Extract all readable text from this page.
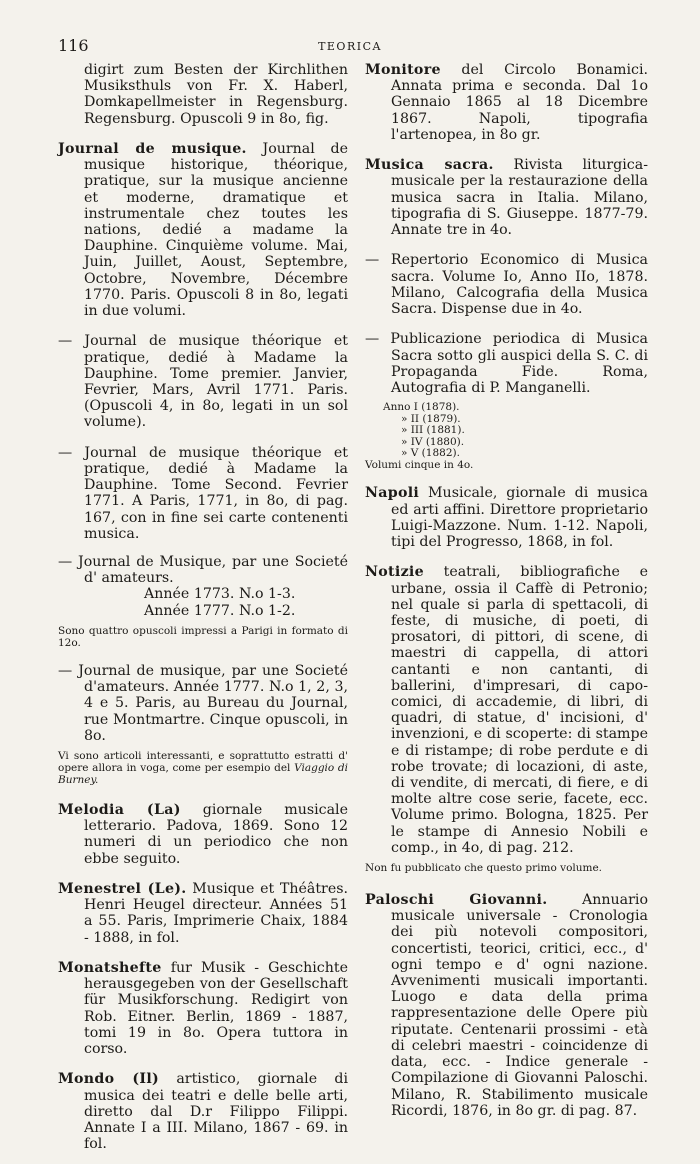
116	TEORICA

digirt zum Besten der Kirchlithen Musiksthuls von Fr. X. Haberl, Domkapellmeister in Regensburg. Regensburg. Opuscoli 9 in 8o, fig.

Journal de musique. Journal de musique historique, théorique, pratique, sur la musique ancienne et moderne, dramatique et instrumentale chez toutes les nations, dedié a madame la Dauphine. Cinquième volume. Mai, Juin, Juillet, Aoust, Septembre, Octobre, Novembre, Décembre 1770. Paris. Opuscoli 8 in 8o, legati in due volumi.

— Journal de musique théorique et pratique, dedié à Madame la Dauphine. Tome premier. Janvier, Fevrier, Mars, Avril 1771. Paris. (Opuscoli 4, in 8o, legati in un sol volume).

— Journal de musique théorique et pratique, dedié à Madame la Dauphine. Tome Second. Fevrier 1771. A Paris, 1771, in 8o, di pag. 167, con in fine sei carte contenenti musica.

— Journal de Musique, par une Societé d' amateurs.
Année 1773. N.o 1-3.
Année 1777. N.o 1-2.

Sono quattro opuscoli impressi a Parigi in formato di 12o.

— Journal de musique, par une Societé d'amateurs. Année 1777. N.o 1, 2, 3, 4 e 5. Paris, au Bureau du Journal, rue Montmartre. Cinque opuscoli, in 8o.

Vi sono articoli interessanti, e soprattutto estratti d' opere allora in voga, come per esempio del Viaggio di Burney.

Melodia (La) giornale musicale letterario. Padova, 1869. Sono 12 numeri di un periodico che non ebbe seguito.

Menestrel (Le). Musique et Théâtres. Henri Heugel directeur. Années 51 a 55. Paris, Imprimerie Chaix, 1884 - 1888, in fol.

Monatshefte fur Musik - Geschichte herausgegeben von der Gesellschaft für Musikforschung. Redigirt von Rob. Eitner. Berlin, 1869 - 1887, tomi 19 in 8o. Opera tuttora in corso.

Mondo (Il) artistico, giornale di musica dei teatri e delle belle arti, diretto dal D.r Filippo Filippi. Annate I a III. Milano, 1867 - 69. in fol.

Monitore del Circolo Bonamici. Annata prima e seconda. Dal 1o Gennaio 1865 al 18 Dicembre 1867. Napoli, tipografia l'artenopea, in 8o gr.

Musica sacra. Rivista liturgica-musicale per la restaurazione della musica sacra in Italia. Milano, tipografia di S. Giuseppe. 1877-79. Annate tre in 4o.

— Repertorio Economico di Musica sacra. Volume Io, Anno IIo, 1878. Milano, Calcografia della Musica Sacra. Dispense due in 4o.

— Publicazione periodica di Musica Sacra sotto gli auspici della S. C. di Propaganda Fide. Roma, Autografia di P. Manganelli.

Anno I (1878).
» II (1879).
» III (1881).
» IV (1880).
» V (1882).
Volumi cinque in 4o.

Napoli Musicale, giornale di musica ed arti affini. Direttore proprietario Luigi-Mazzone. Num. 1-12. Napoli, tipi del Progresso, 1868, in fol.

Notizie teatrali, bibliografiche e urbane, ossia il Caffè di Petronio; nel quale si parla di spettacoli, di feste, di musiche, di poeti, di prosatori, di pittori, di scene, di maestri di cappella, di attori cantanti e non cantanti, di ballerini, d'impresari, di capo-comici, di accademie, di libri, di quadri, di statue, d' incisioni, d' invenzioni, e di scoperte: di stampe e di ristampe; di robe perdute e di robe trovate; di locazioni, di aste, di vendite, di mercati, di fiere, e di molte altre cose serie, facete, ecc. Volume primo. Bologna, 1825. Per le stampe di Annesio Nobili e comp., in 4o, di pag. 212.

Non fu pubblicato che questo primo volume.

Paloschi Giovanni. Annuario musicale universale - Cronologia dei più notevoli compositori, concertisti, teorici, critici, ecc., d' ogni tempo e d' ogni nazione. Avvenimenti musicali importanti. Luogo e data della prima rappresentazione delle Opere più riputate. Centenarii prossimi - età di celebri maestri - coincidenze di data, ecc. - Indice generale - Compilazione di Giovanni Paloschi. Milano, R. Stabilimento musicale Ricordi, 1876, in 8o gr. di pag. 87.
